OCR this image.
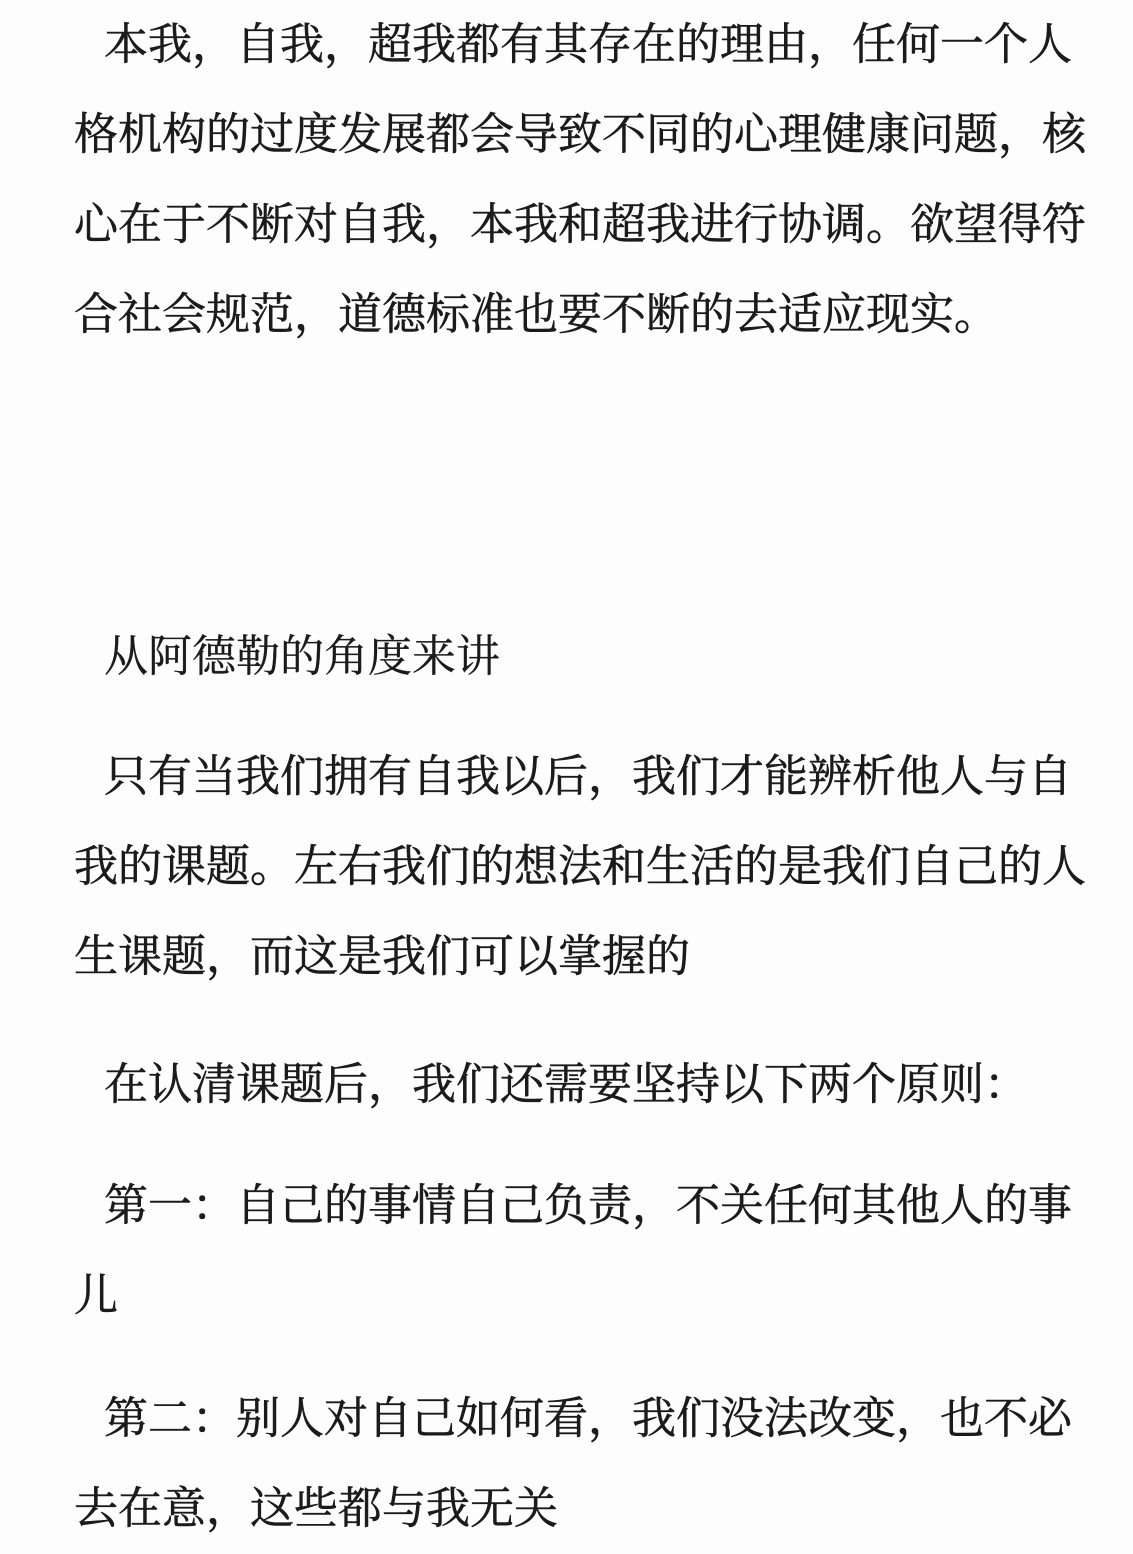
本我，自我，超我都有其存在的理由，任何一个人格机构的过度发展都会导致不同的心理健康问题，核心在于不断对自我，本我和超我进行协调。欲望得符合社会规范，道德标准也要不断的去适应现实。

从阿德勒的角度来讲

只有当我们拥有自我以后，我们才能辨析他人与自我的课题。左右我们的想法和生活的是我们自己的人生课题，而这是我们可以掌握的

在认清课题后，我们还需要坚持以下两个原则：

第一：自己的事情自己负责，不关任何其他人的事儿

第二：别人对自己如何看，我们没法改变，也不必去在意，这些都与我无关
